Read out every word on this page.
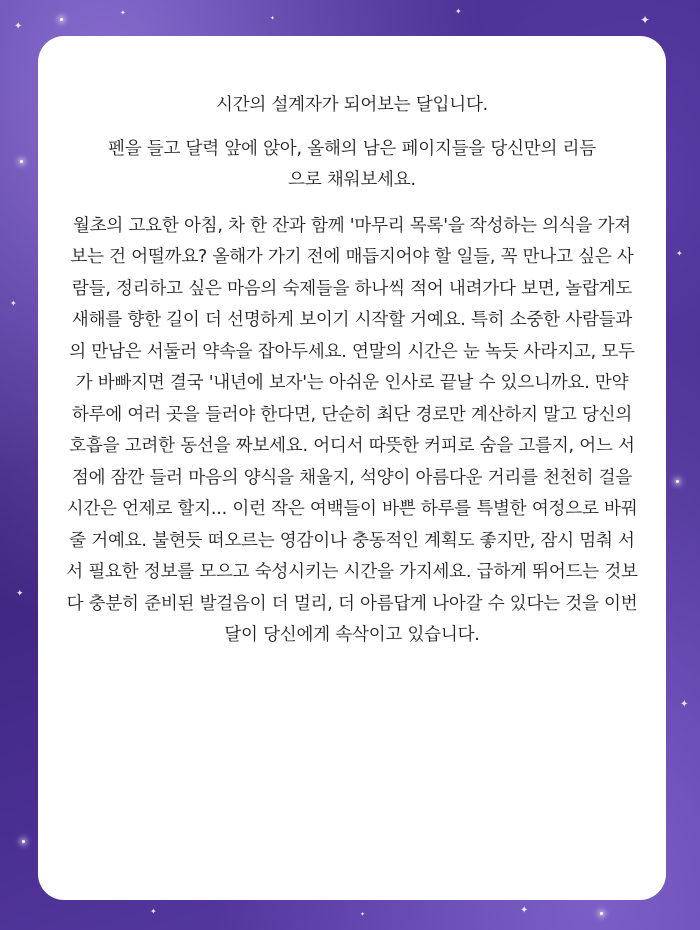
✦
✦
✦
✦
✦
✦
✦
✦
✦
✦	✦	✦

시간의 설계자가 되어보는 달입니다.

펜을 들고 달력 앞에 앉아, 올해의 남은 페이지들을 당신만의 리듬으로 채워보세요.

월초의 고요한 아침, 차 한 잔과 함께 '마무리 목록'을 작성하는 의식을 가져보는 건 어떨까요? 올해가 가기 전에 매듭지어야 할 일들, 꼭 만나고 싶은 사람들, 정리하고 싶은 마음의 숙제들을 하나씩 적어 내려가다 보면, 놀랍게도 새해를 향한 길이 더 선명하게 보이기 시작할 거예요. 특히 소중한 사람들과의 만남은 서둘러 약속을 잡아두세요. 연말의 시간은 눈 녹듯 사라지고, 모두가 바빠지면 결국 '내년에 보자'는 아쉬운 인사로 끝날 수 있으니까요. 만약 하루에 여러 곳을 들러야 한다면, 단순히 최단 경로만 계산하지 말고 당신의 호흡을 고려한 동선을 짜보세요. 어디서 따뜻한 커피로 숨을 고를지, 어느 서점에 잠깐 들러 마음의 양식을 채울지, 석양이 아름다운 거리를 천천히 걸을 시간은 언제로 할지... 이런 작은 여백들이 바쁜 하루를 특별한 여정으로 바꿔줄 거예요. 불현듯 떠오르는 영감이나 충동적인 계획도 좋지만, 잠시 멈춰 서서 필요한 정보를 모으고 숙성시키는 시간을 가지세요. 급하게 뛰어드는 것보다 충분히 준비된 발걸음이 더 멀리, 더 아름답게 나아갈 수 있다는 것을 이번 달이 당신에게 속삭이고 있습니다.
